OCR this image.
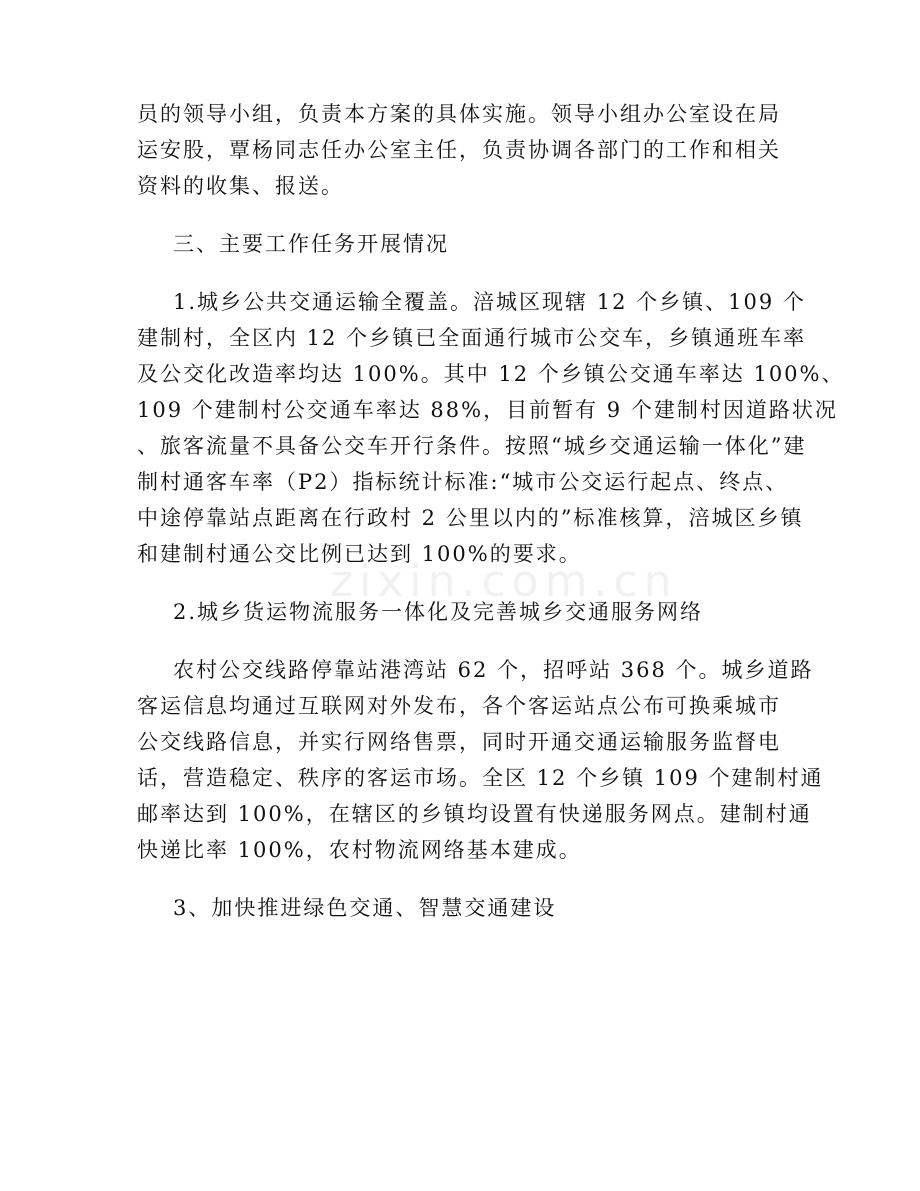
员的领导小组，负责本方案的具体实施。领导小组办公室设在局
运安股，覃杨同志任办公室主任，负责协调各部门的工作和相关
资料的收集、报送。
三、主要工作任务开展情况
1.城乡公共交通运输全覆盖。涪城区现辖 12 个乡镇、109 个
建制村，全区内 12 个乡镇已全面通行城市公交车，乡镇通班车率
及公交化改造率均达 100%。其中 12 个乡镇公交通车率达 100%、
109 个建制村公交通车率达 88%，目前暂有 9 个建制村因道路状况
、旅客流量不具备公交车开行条件。按照“城乡交通运输一体化”建
制村通客车率（P2）指标统计标准:“城市公交运行起点、终点、
中途停靠站点距离在行政村 2 公里以内的”标准核算，涪城区乡镇
和建制村通公交比例已达到 100%的要求。
2.城乡货运物流服务一体化及完善城乡交通服务网络
农村公交线路停靠站港湾站 62 个，招呼站 368 个。城乡道路
客运信息均通过互联网对外发布，各个客运站点公布可换乘城市
公交线路信息，并实行网络售票，同时开通交通运输服务监督电
话，营造稳定、秩序的客运市场。全区 12 个乡镇 109 个建制村通
邮率达到 100%，在辖区的乡镇均设置有快递服务网点。建制村通
快递比率 100%，农村物流网络基本建成。
3、加快推进绿色交通、智慧交通建设
zixin.com.cn
